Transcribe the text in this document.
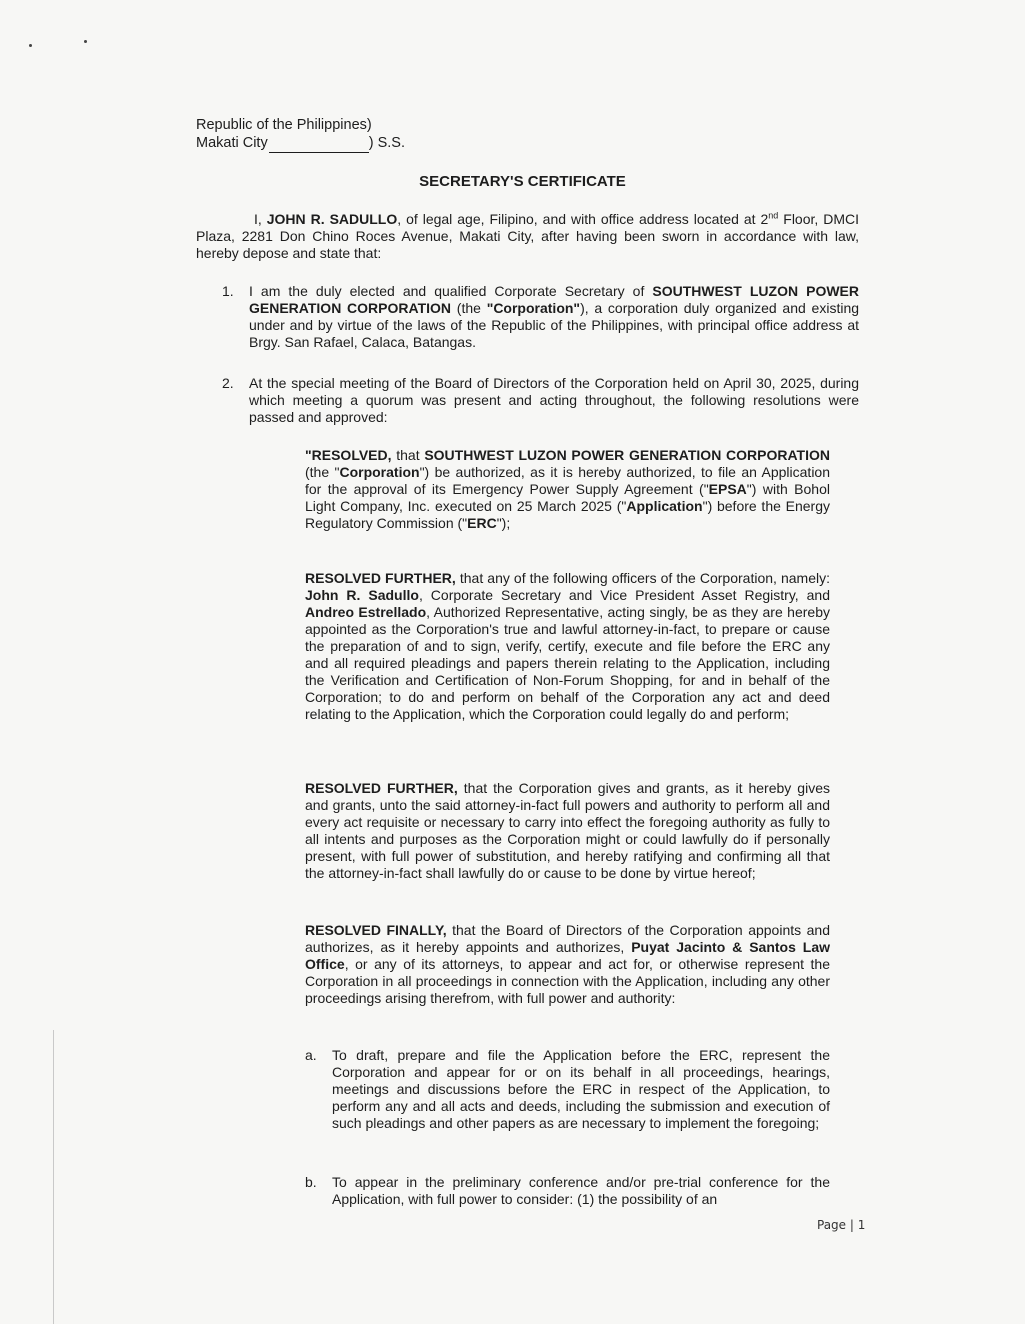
Republic of the Philippines)
Makati City	) S.S.
SECRETARY'S CERTIFICATE
I, JOHN R. SADULLO, of legal age, Filipino, and with office address located at 2nd Floor, DMCI Plaza, 2281 Don Chino Roces Avenue, Makati City, after having been sworn in accordance with law, hereby depose and state that:
1. I am the duly elected and qualified Corporate Secretary of SOUTHWEST LUZON POWER GENERATION CORPORATION (the "Corporation"), a corporation duly organized and existing under and by virtue of the laws of the Republic of the Philippines, with principal office address at Brgy. San Rafael, Calaca, Batangas.
2. At the special meeting of the Board of Directors of the Corporation held on April 30, 2025, during which meeting a quorum was present and acting throughout, the following resolutions were passed and approved:
"RESOLVED, that SOUTHWEST LUZON POWER GENERATION CORPORATION (the "Corporation") be authorized, as it is hereby authorized, to file an Application for the approval of its Emergency Power Supply Agreement ("EPSA") with Bohol Light Company, Inc. executed on 25 March 2025 ("Application") before the Energy Regulatory Commission ("ERC");
RESOLVED FURTHER, that any of the following officers of the Corporation, namely: John R. Sadullo, Corporate Secretary and Vice President Asset Registry, and Andreo Estrellado, Authorized Representative, acting singly, be as they are hereby appointed as the Corporation's true and lawful attorney-in-fact, to prepare or cause the preparation of and to sign, verify, certify, execute and file before the ERC any and all required pleadings and papers therein relating to the Application, including the Verification and Certification of Non-Forum Shopping, for and in behalf of the Corporation; to do and perform on behalf of the Corporation any act and deed relating to the Application, which the Corporation could legally do and perform;
RESOLVED FURTHER, that the Corporation gives and grants, as it hereby gives and grants, unto the said attorney-in-fact full powers and authority to perform all and every act requisite or necessary to carry into effect the foregoing authority as fully to all intents and purposes as the Corporation might or could lawfully do if personally present, with full power of substitution, and hereby ratifying and confirming all that the attorney-in-fact shall lawfully do or cause to be done by virtue hereof;
RESOLVED FINALLY, that the Board of Directors of the Corporation appoints and authorizes, as it hereby appoints and authorizes, Puyat Jacinto & Santos Law Office, or any of its attorneys, to appear and act for, or otherwise represent the Corporation in all proceedings in connection with the Application, including any other proceedings arising therefrom, with full power and authority:
a. To draft, prepare and file the Application before the ERC, represent the Corporation and appear for or on its behalf in all proceedings, hearings, meetings and discussions before the ERC in respect of the Application, to perform any and all acts and deeds, including the submission and execution of such pleadings and other papers as are necessary to implement the foregoing;
b. To appear in the preliminary conference and/or pre-trial conference for the Application, with full power to consider: (1) the possibility of an
Page | 1
